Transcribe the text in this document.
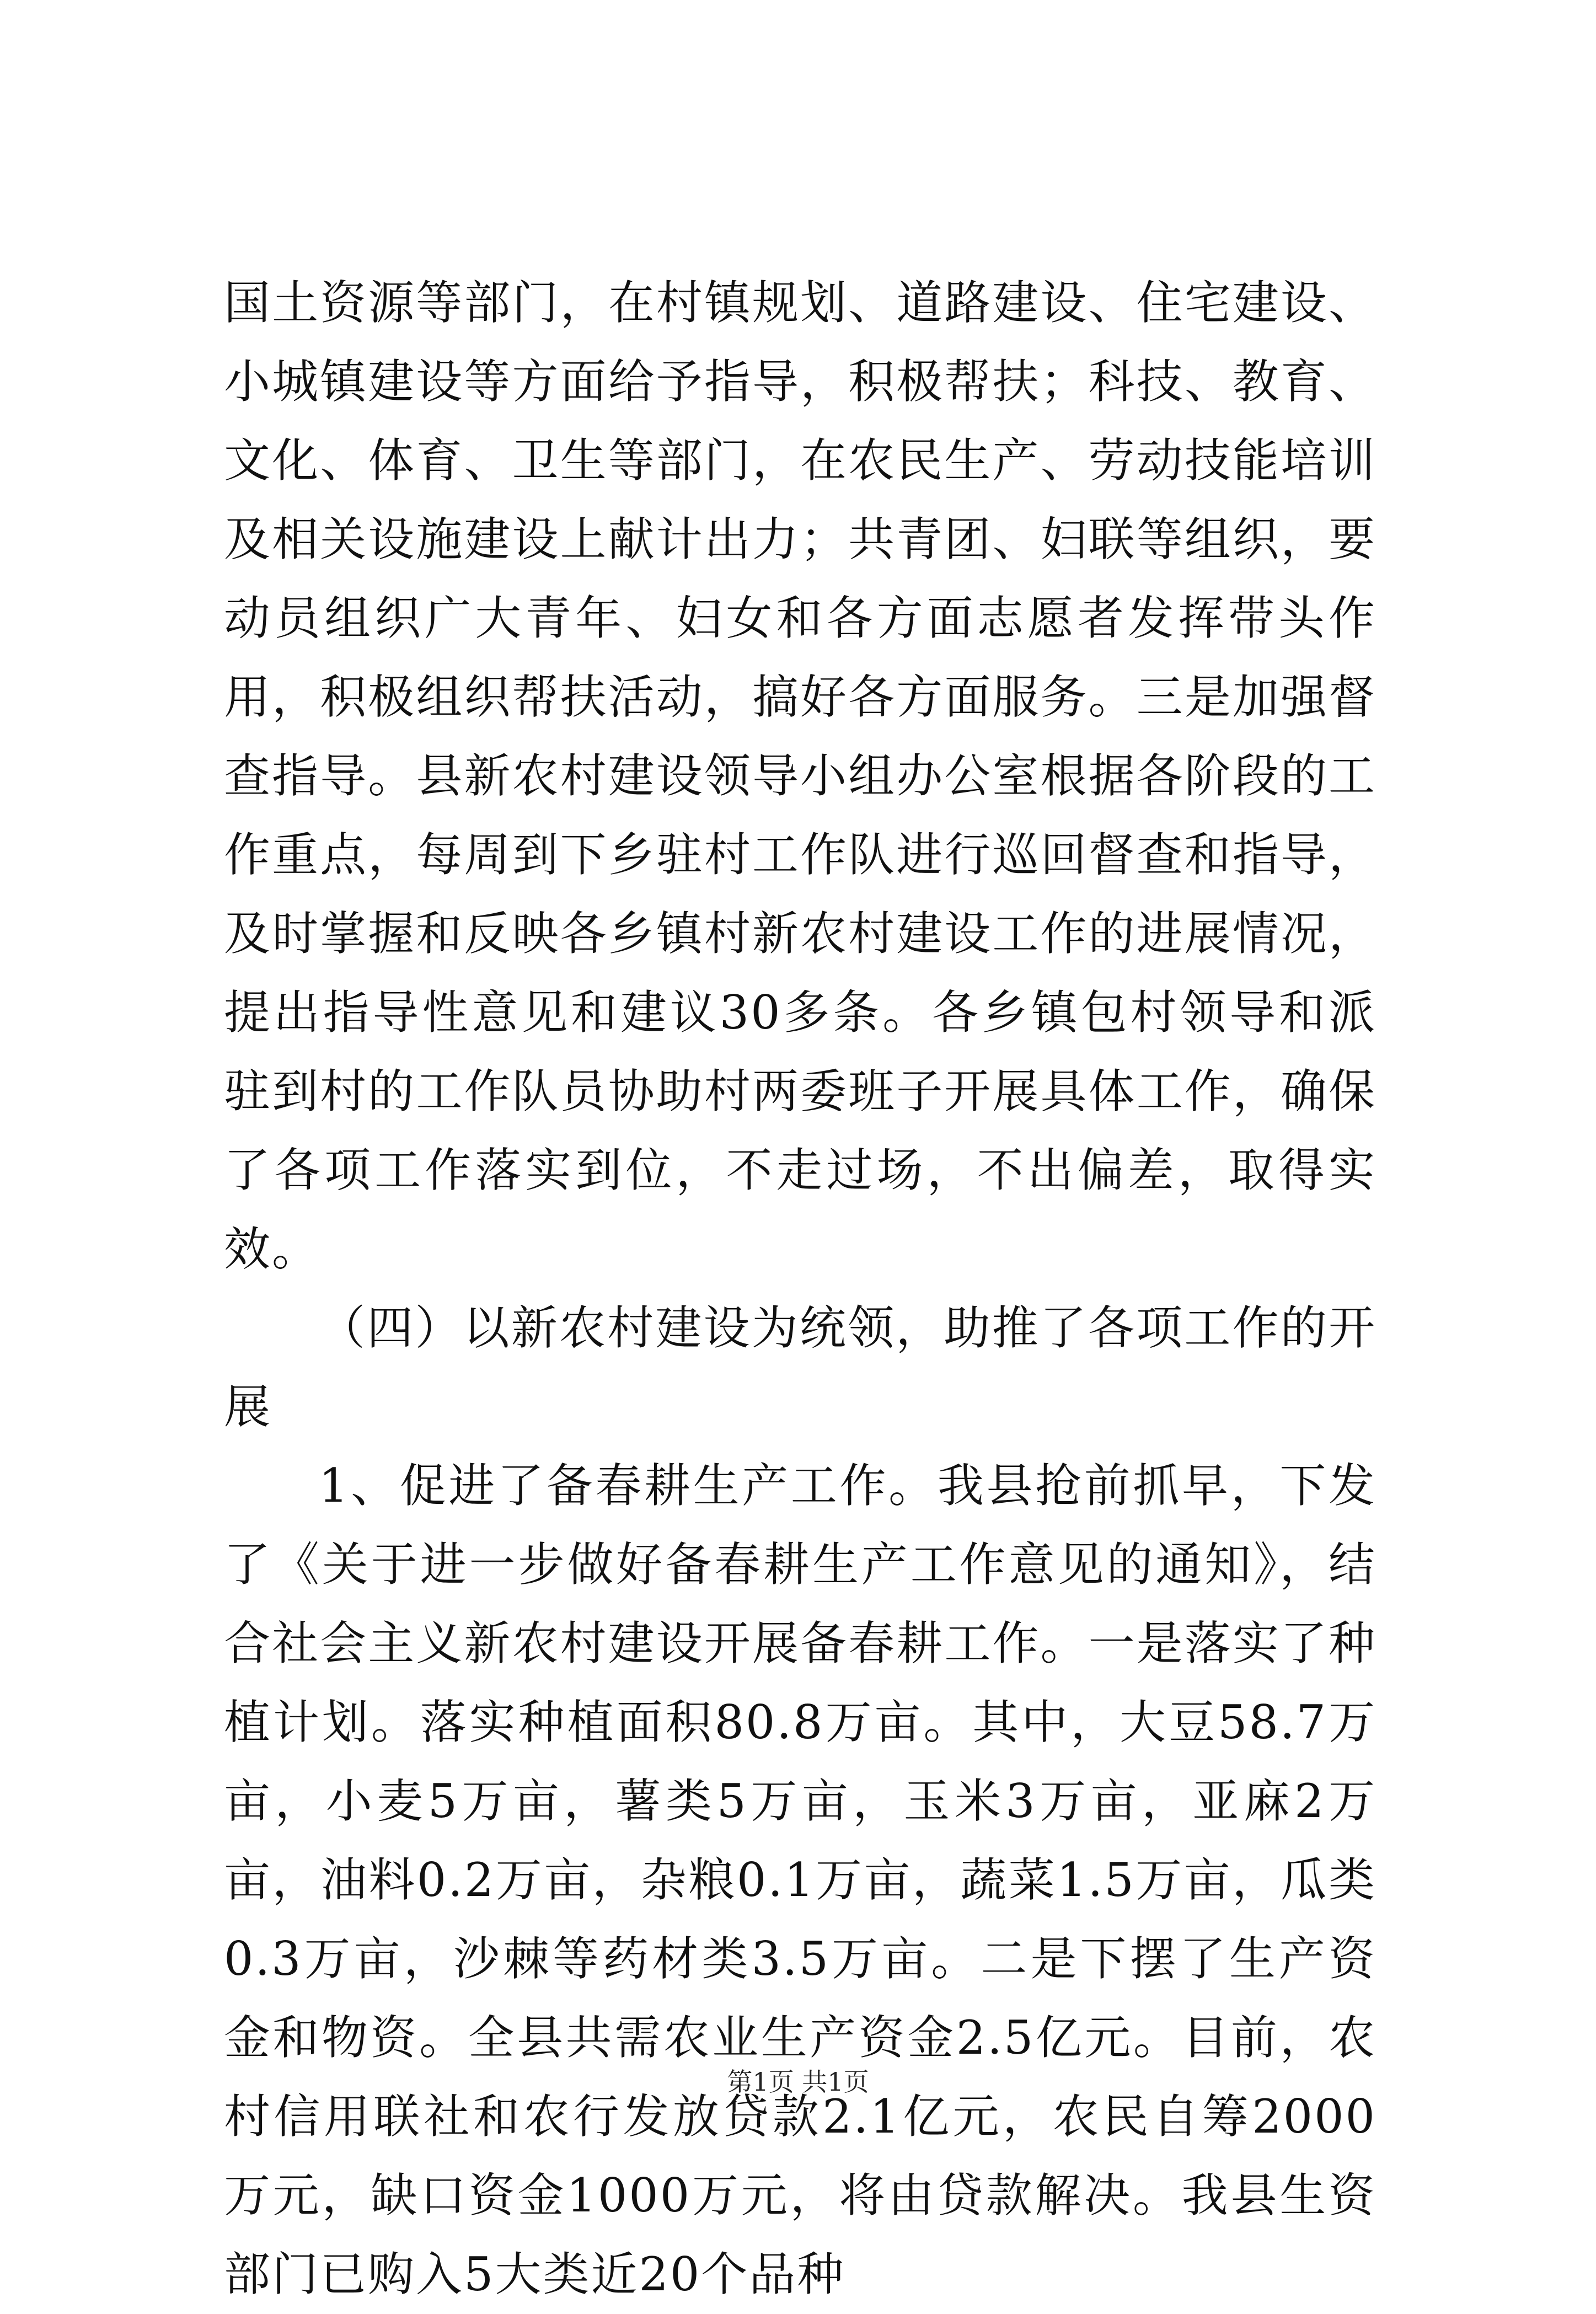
国土资源等部门，在村镇规划、道路建设、住宅建设、小城镇建设等方面给予指导，积极帮扶；科技、教育、文化、体育、卫生等部门，在农民生产、劳动技能培训及相关设施建设上献计出力；共青团、妇联等组织，要动员组织广大青年、妇女和各方面志愿者发挥带头作用，积极组织帮扶活动，搞好各方面服务。三是加强督查指导。县新农村建设领导小组办公室根据各阶段的工作重点，每周到下乡驻村工作队进行巡回督查和指导，及时掌握和反映各乡镇村新农村建设工作的进展情况，提出指导性意见和建议30多条。各乡镇包村领导和派驻到村的工作队员协助村两委班子开展具体工作，确保了各项工作落实到位，不走过场，不出偏差，取得实效。

（四）以新农村建设为统领，助推了各项工作的开展

1、促进了备春耕生产工作。我县抢前抓早，下发了《关于进一步做好备春耕生产工作意见的通知》，结合社会主义新农村建设开展备春耕工作。一是落实了种植计划。落实种植面积80.8万亩。其中，大豆58.7万亩，小麦5万亩，薯类5万亩，玉米3万亩，亚麻2万亩，油料0.2万亩，杂粮0.1万亩，蔬菜1.5万亩，瓜类0.3万亩，沙棘等药材类3.5万亩。二是下摆了生产资金和物资。全县共需农业生产资金2.5亿元。目前，农村信用联社和农行发放贷款2.1亿元，农民自筹2000万元，缺口资金1000万元，将由贷款解决。我县生资部门已购入5大类近20个品种

第1页 共1页
